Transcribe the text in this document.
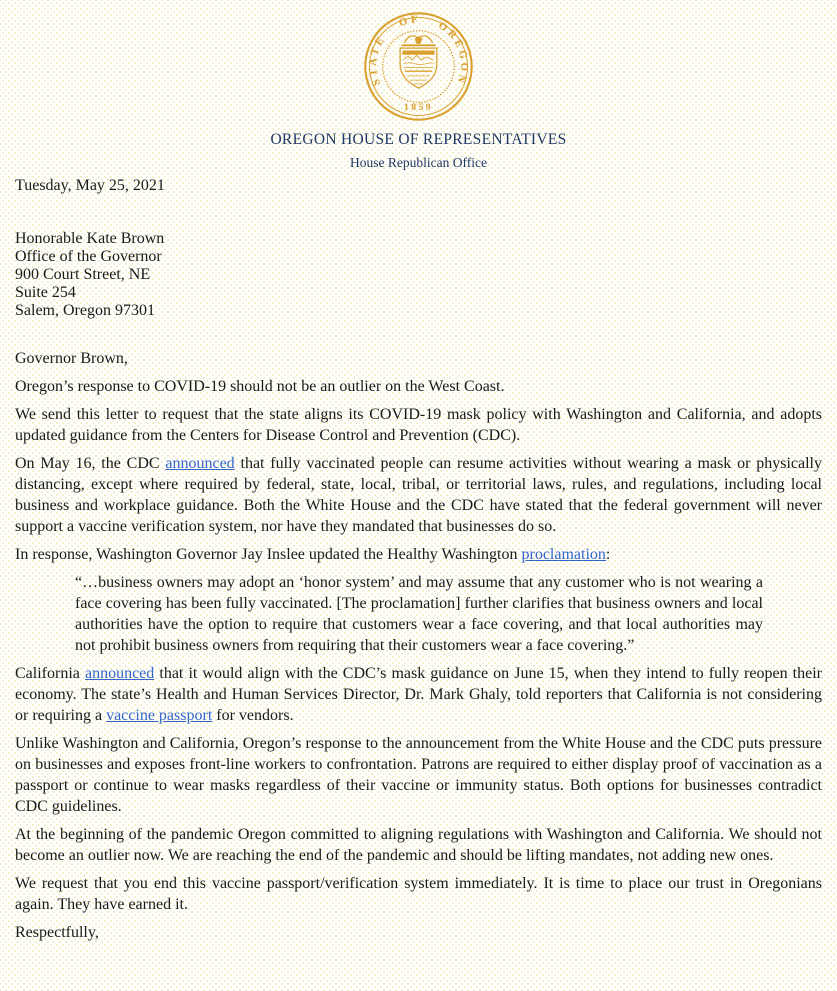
STATE OF OREGON
1859
OREGON HOUSE OF REPRESENTATIVES
House Republican Office

Tuesday, May 25, 2021

Honorable Kate Brown
Office of the Governor
900 Court Street, NE
Suite 254
Salem, Oregon 97301

Governor Brown,

Oregon’s response to COVID-19 should not be an outlier on the West Coast.

We send this letter to request that the state aligns its COVID-19 mask policy with Washington and California, and adopts updated guidance from the Centers for Disease Control and Prevention (CDC).

On May 16, the CDC announced that fully vaccinated people can resume activities without wearing a mask or physically distancing, except where required by federal, state, local, tribal, or territorial laws, rules, and regulations, including local business and workplace guidance. Both the White House and the CDC have stated that the federal government will never support a vaccine verification system, nor have they mandated that businesses do so.

In response, Washington Governor Jay Inslee updated the Healthy Washington proclamation:

“…business owners may adopt an ‘honor system’ and may assume that any customer who is not wearing a face covering has been fully vaccinated. [The proclamation] further clarifies that business owners and local authorities have the option to require that customers wear a face covering, and that local authorities may not prohibit business owners from requiring that their customers wear a face covering.”

California announced that it would align with the CDC’s mask guidance on June 15, when they intend to fully reopen their economy. The state’s Health and Human Services Director, Dr. Mark Ghaly, told reporters that California is not considering or requiring a vaccine passport for vendors.

Unlike Washington and California, Oregon’s response to the announcement from the White House and the CDC puts pressure on businesses and exposes front-line workers to confrontation. Patrons are required to either display proof of vaccination as a passport or continue to wear masks regardless of their vaccine or immunity status. Both options for businesses contradict CDC guidelines.

At the beginning of the pandemic Oregon committed to aligning regulations with Washington and California. We should not become an outlier now. We are reaching the end of the pandemic and should be lifting mandates, not adding new ones.

We request that you end this vaccine passport/verification system immediately. It is time to place our trust in Oregonians again. They have earned it.

Respectfully,
